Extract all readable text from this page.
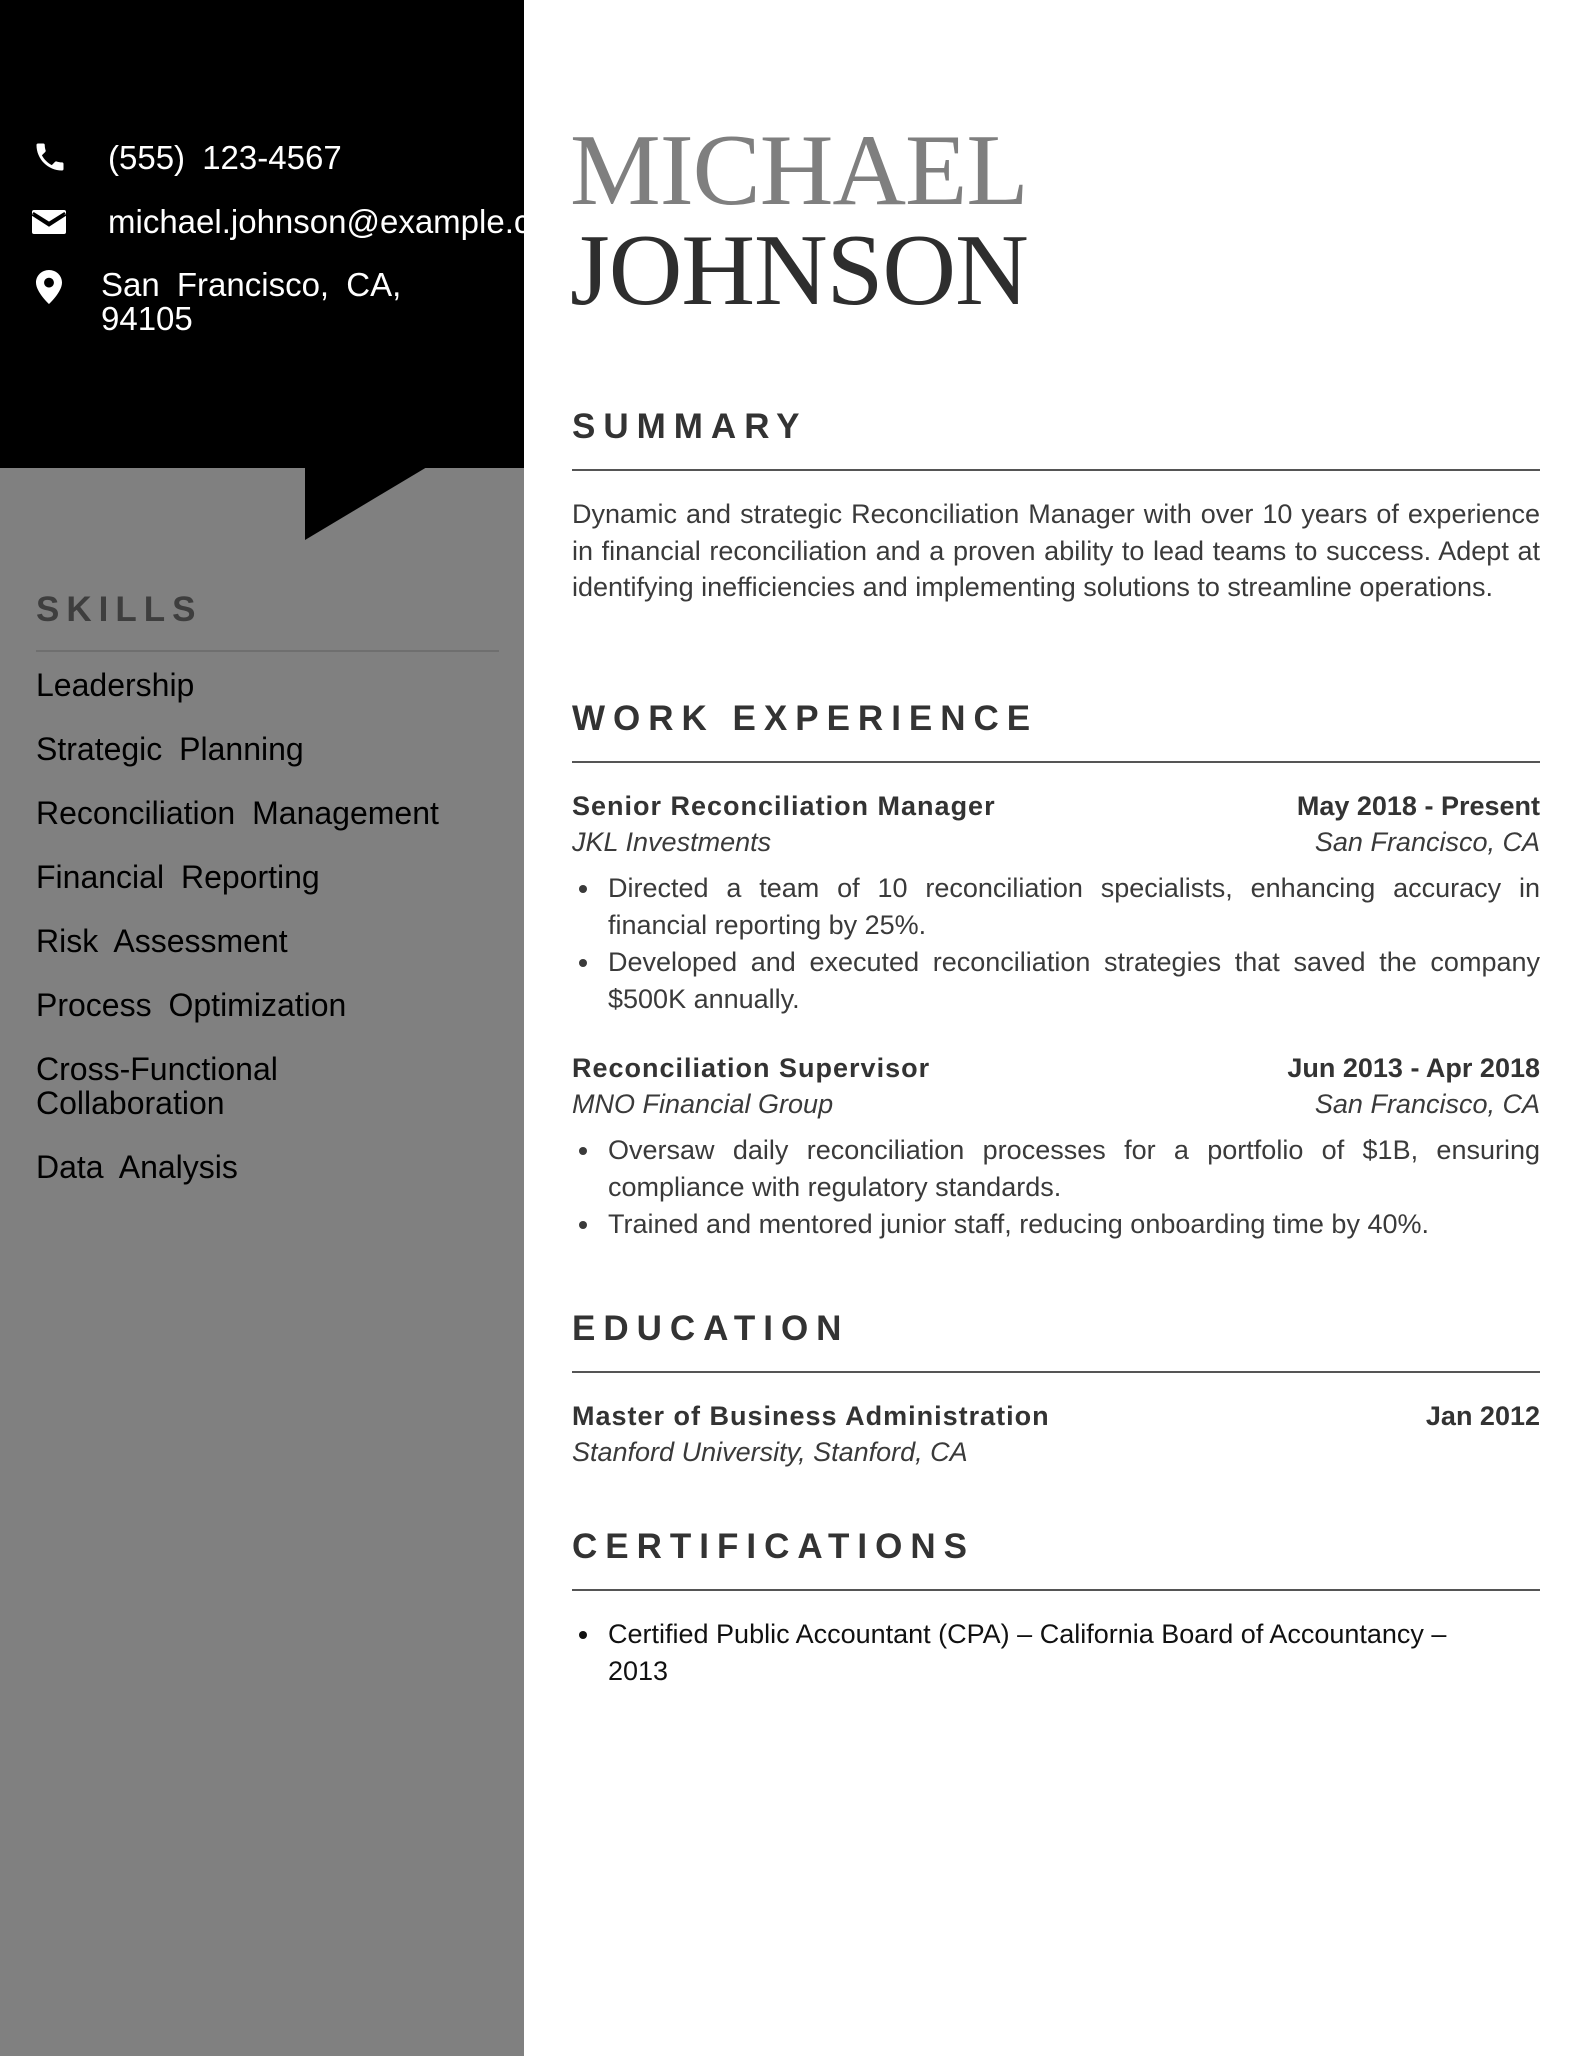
(555) 123-4567
michael.johnson@example.com
San Francisco, CA, 94105
SKILLS
Leadership
Strategic Planning
Reconciliation Management
Financial Reporting
Risk Assessment
Process Optimization
Cross-Functional Collaboration
Data Analysis
MICHAEL
JOHNSON
SUMMARY

Dynamic and strategic Reconciliation Manager with over 10 years of experience in financial reconciliation and a proven ability to lead teams to success. Adept at identifying inefficiencies and implementing solutions to streamline operations.

WORK EXPERIENCE
Senior Reconciliation Manager	May 2018 - Present
JKL Investments	San Francisco, CA
Directed a team of 10 reconciliation specialists, enhancing accuracy in financial reporting by 25%.
Developed and executed reconciliation strategies that saved the company $500K annually.
Reconciliation Supervisor	Jun 2013 - Apr 2018
MNO Financial Group	San Francisco, CA
Oversaw daily reconciliation processes for a portfolio of $1B, ensuring compliance with regulatory standards.
Trained and mentored junior staff, reducing onboarding time by 40%.
EDUCATION
Master of Business Administration	Jan 2012
Stanford University, Stanford, CA
CERTIFICATIONS
Certified Public Accountant (CPA) – California Board of Accountancy – 2013
